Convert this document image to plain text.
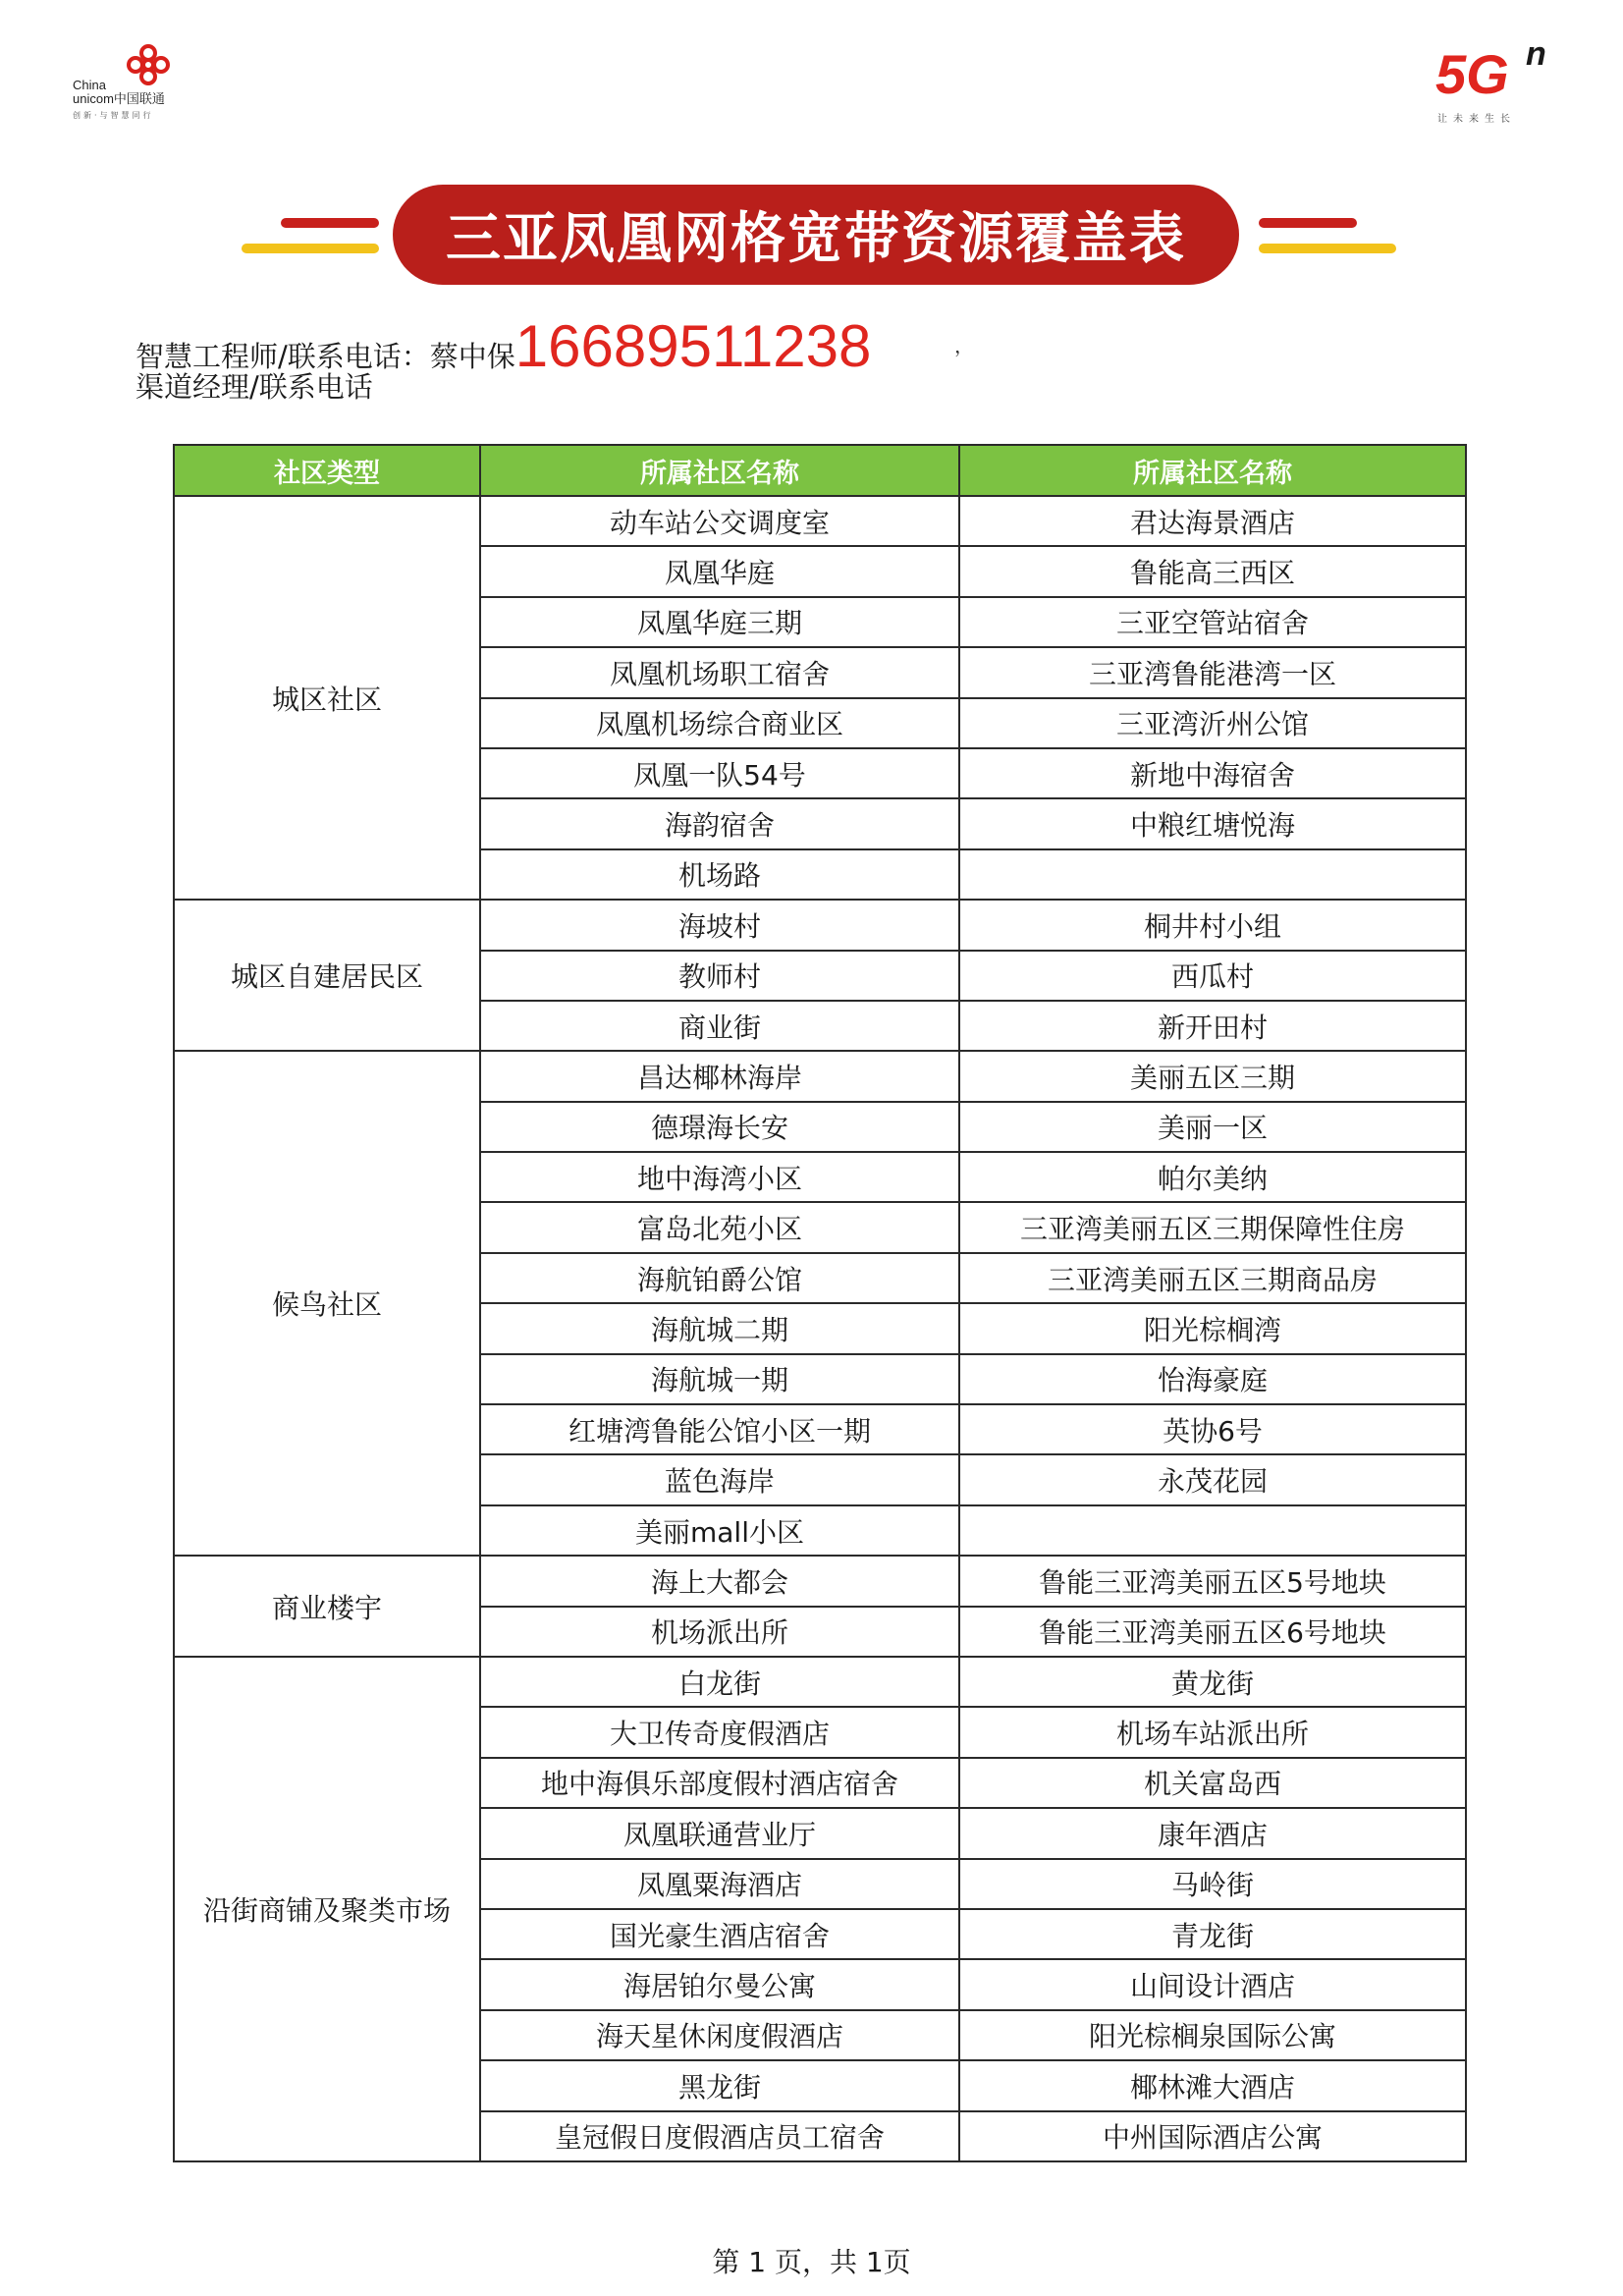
China
unicom中国联通
创新·与智慧同行
5G n
让未来生长
三亚凤凰网格宽带资源覆盖表
智慧工程师/联系电话：蔡中保16689511238	，
渠道经理/联系电话
社区类型	所属社区名称	所属社区名称
城区社区	动车站公交调度室	君达海景酒店
	凤凰华庭	鲁能高三西区
	凤凰华庭三期	三亚空管站宿舍
	凤凰机场职工宿舍	三亚湾鲁能港湾一区
	凤凰机场综合商业区	三亚湾沂州公馆
	凤凰一队54号	新地中海宿舍
	海韵宿舍	中粮红塘悦海
	机场路	
城区自建居民区	海坡村	桐井村小组
	教师村	西瓜村
	商业街	新开田村
候鸟社区	昌达椰林海岸	美丽五区三期
	德璟海长安	美丽一区
	地中海湾小区	帕尔美纳
	富岛北苑小区	三亚湾美丽五区三期保障性住房
	海航铂爵公馆	三亚湾美丽五区三期商品房
	海航城二期	阳光棕榈湾
	海航城一期	怡海豪庭
	红塘湾鲁能公馆小区一期	英协6号
	蓝色海岸	永茂花园
	美丽mall小区	
商业楼宇	海上大都会	鲁能三亚湾美丽五区5号地块
	机场派出所	鲁能三亚湾美丽五区6号地块
沿街商铺及聚类市场	白龙街	黄龙街
	大卫传奇度假酒店	机场车站派出所
	地中海俱乐部度假村酒店宿舍	机关富岛西
	凤凰联通营业厅	康年酒店
	凤凰粟海酒店	马岭街
	国光豪生酒店宿舍	青龙街
	海居铂尔曼公寓	山间设计酒店
	海天星休闲度假酒店	阳光棕榈泉国际公寓
	黑龙街	椰林滩大酒店
	皇冠假日度假酒店员工宿舍	中州国际酒店公寓
第 1 页，共 1页
